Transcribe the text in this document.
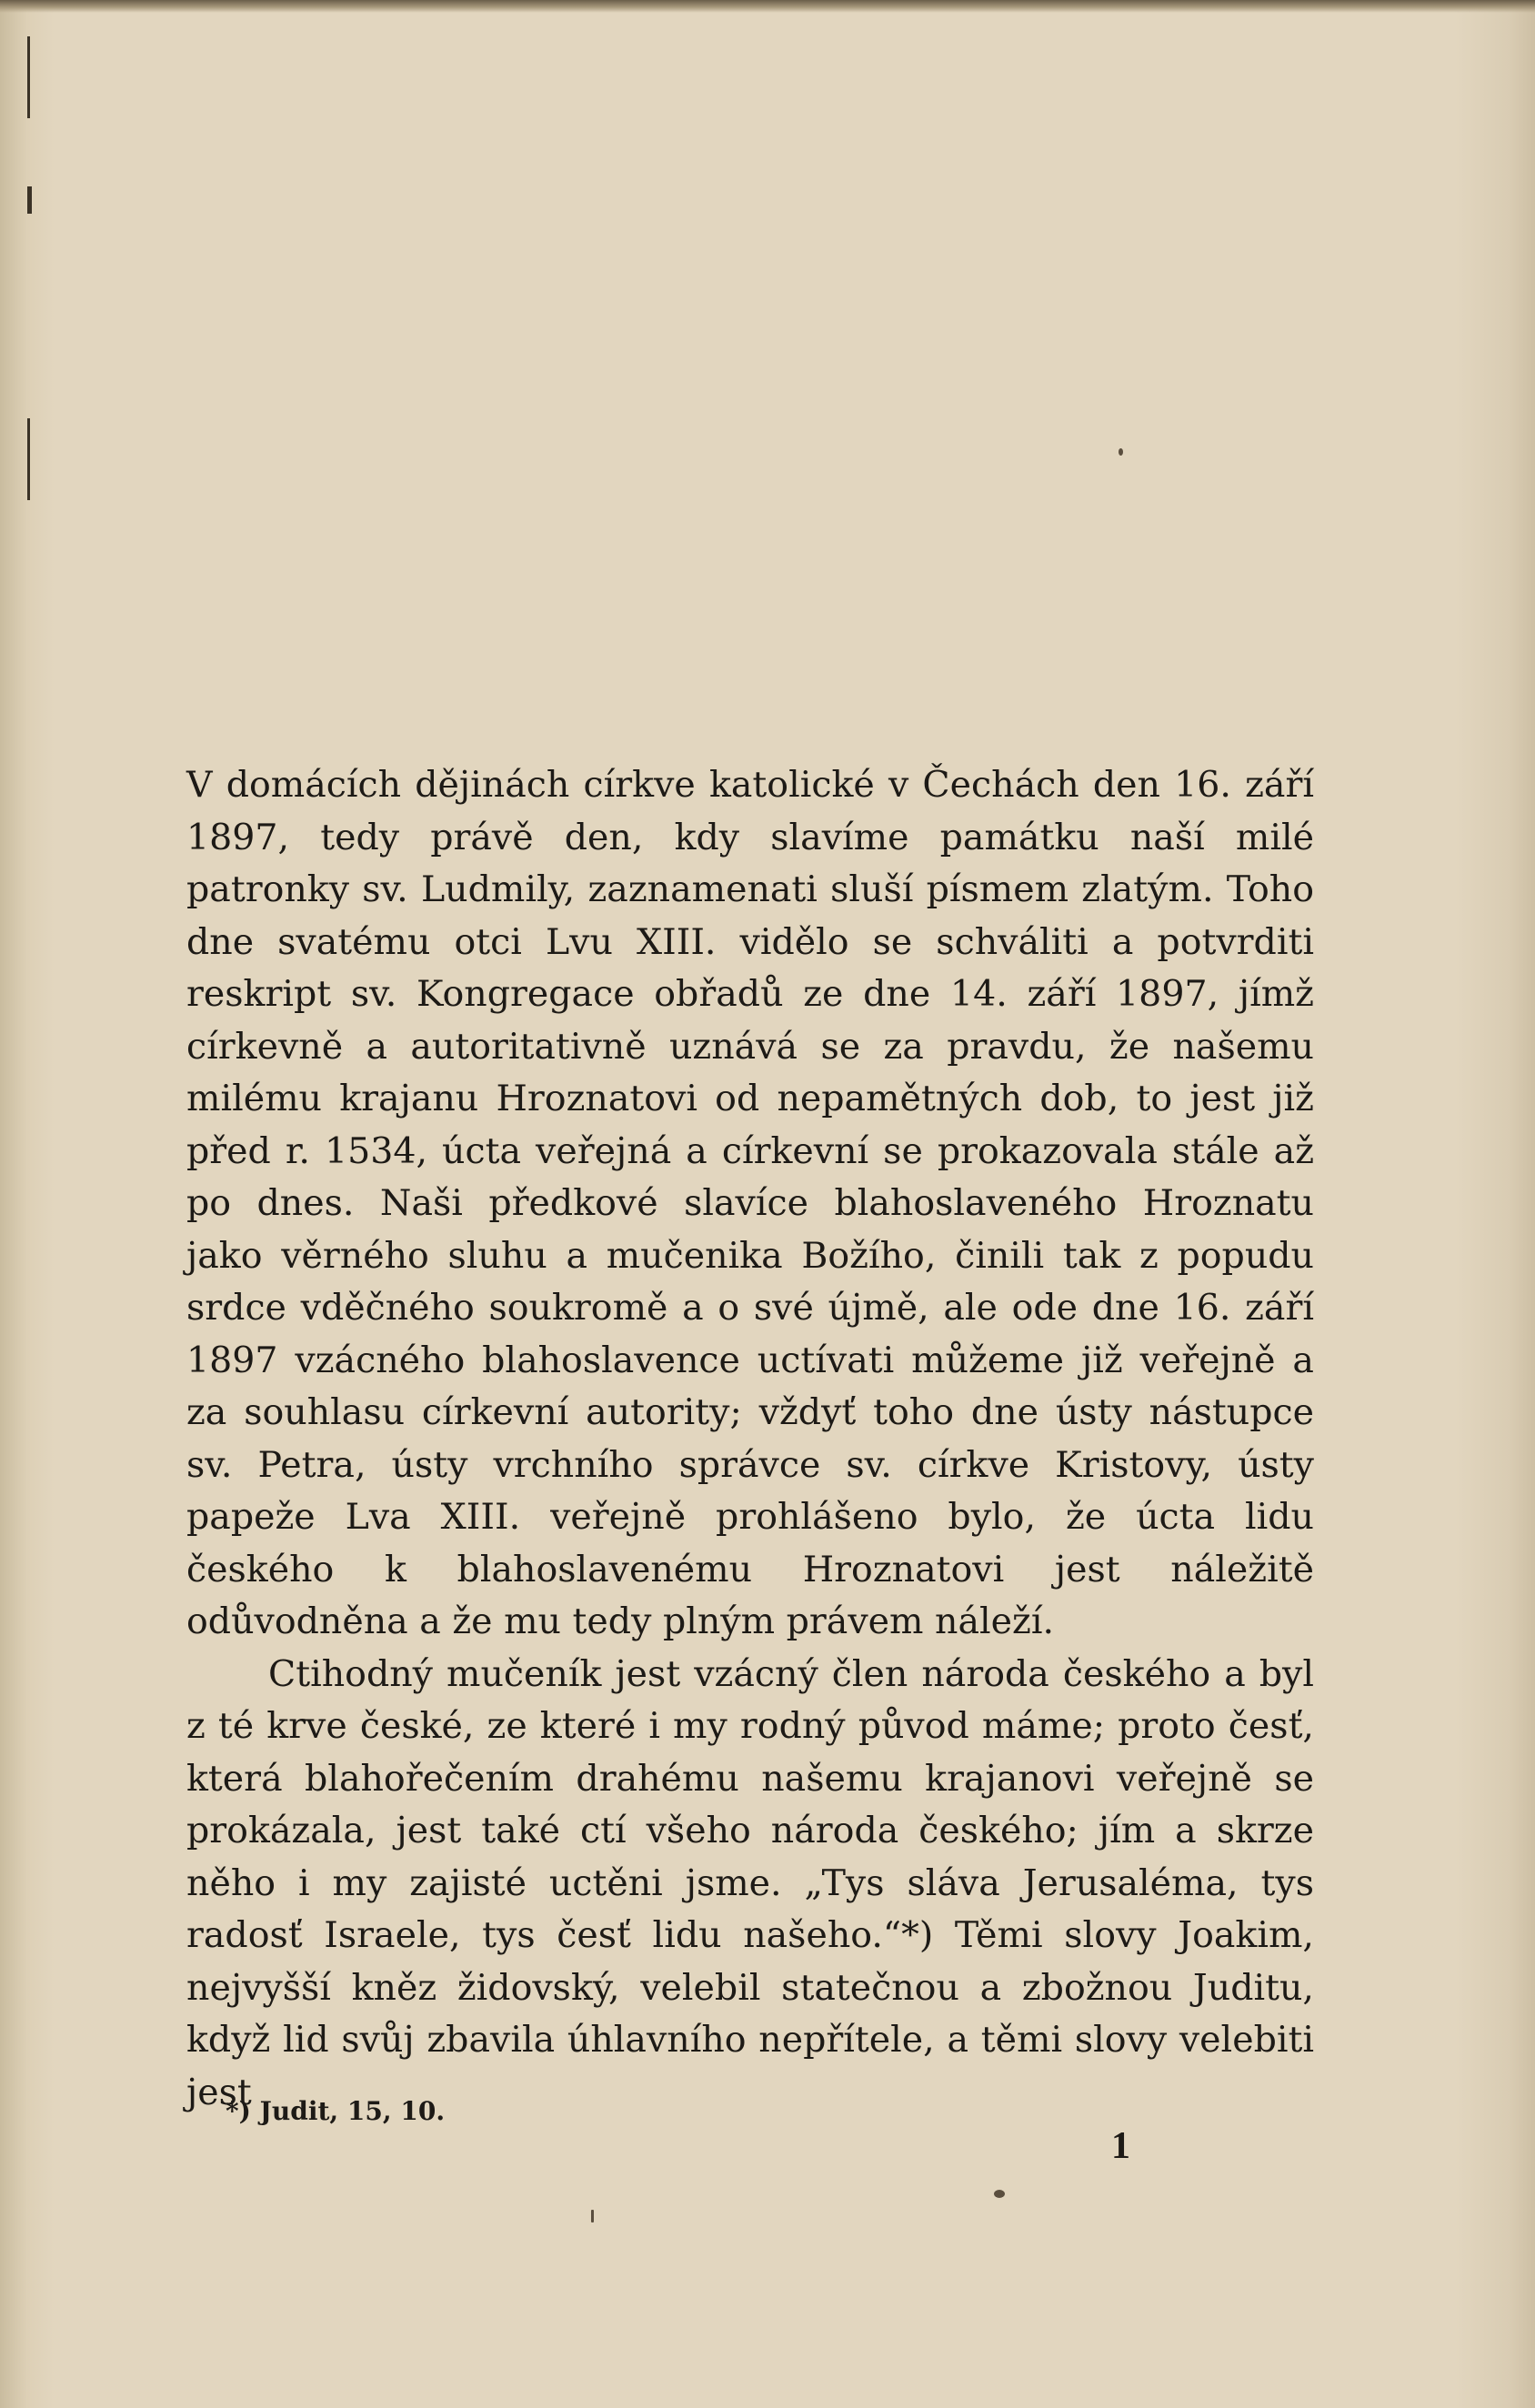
V domácích dějinách církve katolické v Čechách den 16. září 1897, tedy právě den, kdy slavíme památku naší milé patronky sv. Ludmily, zaznamenati sluší písmem zlatým. Toho dne svatému otci Lvu XIII. vidělo se schváliti a potvrditi reskript sv. Kongregace obřadů ze dne 14. září 1897, jímž církevně a autoritativně uznává se za pravdu, že našemu milému krajanu Hroznatovi od nepamětných dob, to jest již před r. 1534, úcta veřejná a církevní se prokazovala stále až po dnes. Naši předkové slavíce blahoslaveného Hroznatu jako věrného sluhu a mučenika Božího, činili tak z popudu srdce vděčného soukromě a o své újmě, ale ode dne 16. září 1897 vzácného blahoslavence uctívati můžeme již veřejně a za souhlasu církevní autority; vždyť toho dne ústy nástupce sv. Petra, ústy vrchního správce sv. církve Kristovy, ústy papeže Lva XIII. veřejně prohlášeno bylo, že úcta lidu českého k blahoslavenému Hroznatovi jest náležitě odůvodněna a že mu tedy plným právem náleží.

Ctihodný mučeník jest vzácný člen národa českého a byl z té krve české, ze které i my rodný původ máme; proto česť, která blahořečením drahému našemu krajanovi veřejně se prokázala, jest také ctí všeho národa českého; jím a skrze něho i my zajisté uctěni jsme. „Tys sláva Jerusaléma, tys radosť Israele, tys česť lidu našeho.“*) Těmi slovy Joakim, nejvyšší kněz židovský, velebil statečnou a zbožnou Juditu, když lid svůj zbavila úhlavního nepřítele, a těmi slovy velebiti jest

*) Judit, 15, 10.
1
